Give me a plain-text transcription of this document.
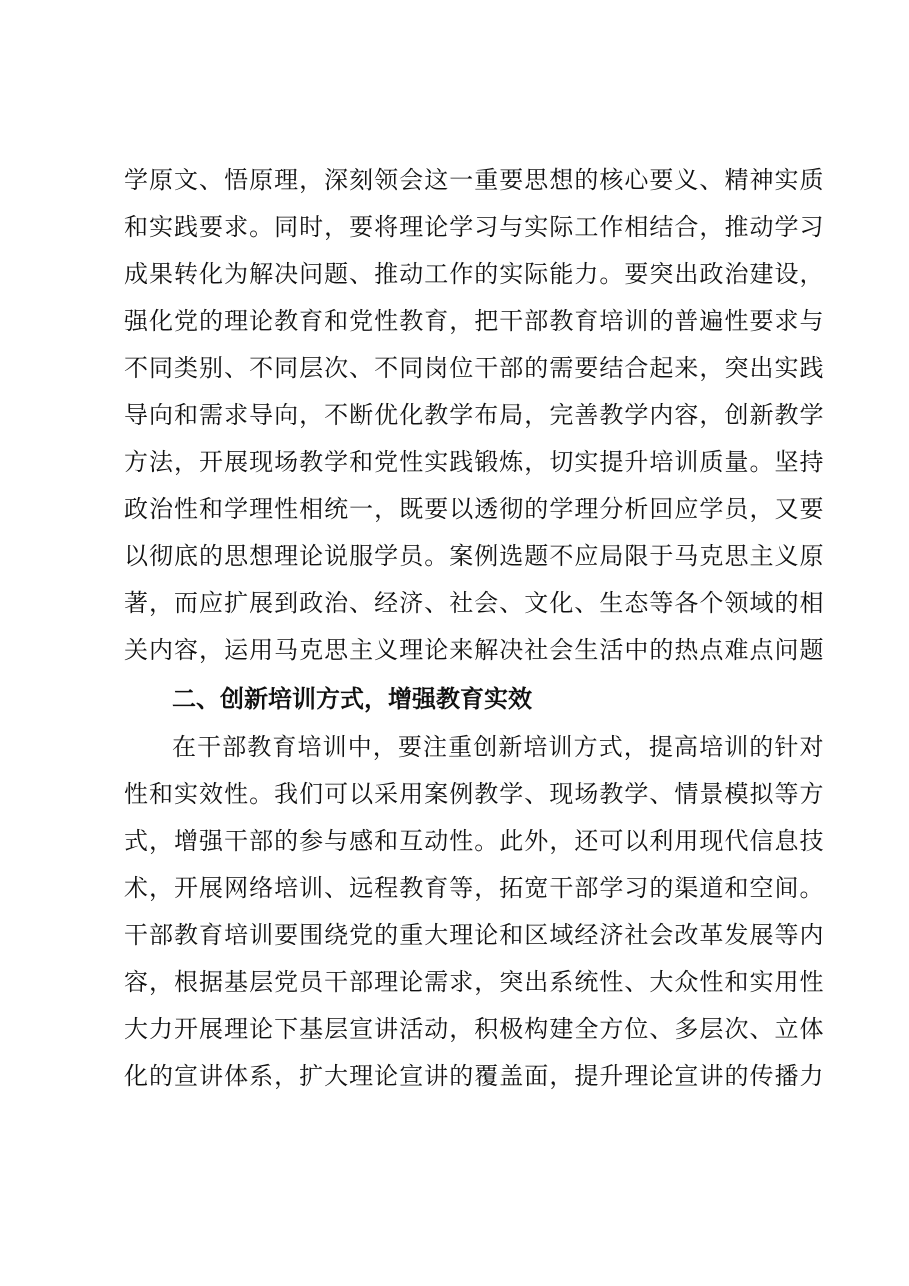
学原文、悟原理，深刻领会这一重要思想的核心要义、精神实质
和实践要求。同时，要将理论学习与实际工作相结合，推动学习
成果转化为解决问题、推动工作的实际能力。要突出政治建设，
强化党的理论教育和党性教育，把干部教育培训的普遍性要求与
不同类别、不同层次、不同岗位干部的需要结合起来，突出实践
导向和需求导向，不断优化教学布局，完善教学内容，创新教学
方法，开展现场教学和党性实践锻炼，切实提升培训质量。坚持
政治性和学理性相统一，既要以透彻的学理分析回应学员，又要
以彻底的思想理论说服学员。案例选题不应局限于马克思主义原
著，而应扩展到政治、经济、社会、文化、生态等各个领域的相
关内容，运用马克思主义理论来解决社会生活中的热点难点问题
二、创新培训方式，增强教育实效
在干部教育培训中，要注重创新培训方式，提高培训的针对
性和实效性。我们可以采用案例教学、现场教学、情景模拟等方
式，增强干部的参与感和互动性。此外，还可以利用现代信息技
术，开展网络培训、远程教育等，拓宽干部学习的渠道和空间。
干部教育培训要围绕党的重大理论和区域经济社会改革发展等内
容，根据基层党员干部理论需求，突出系统性、大众性和实用性
大力开展理论下基层宣讲活动，积极构建全方位、多层次、立体
化的宣讲体系，扩大理论宣讲的覆盖面，提升理论宣讲的传播力
